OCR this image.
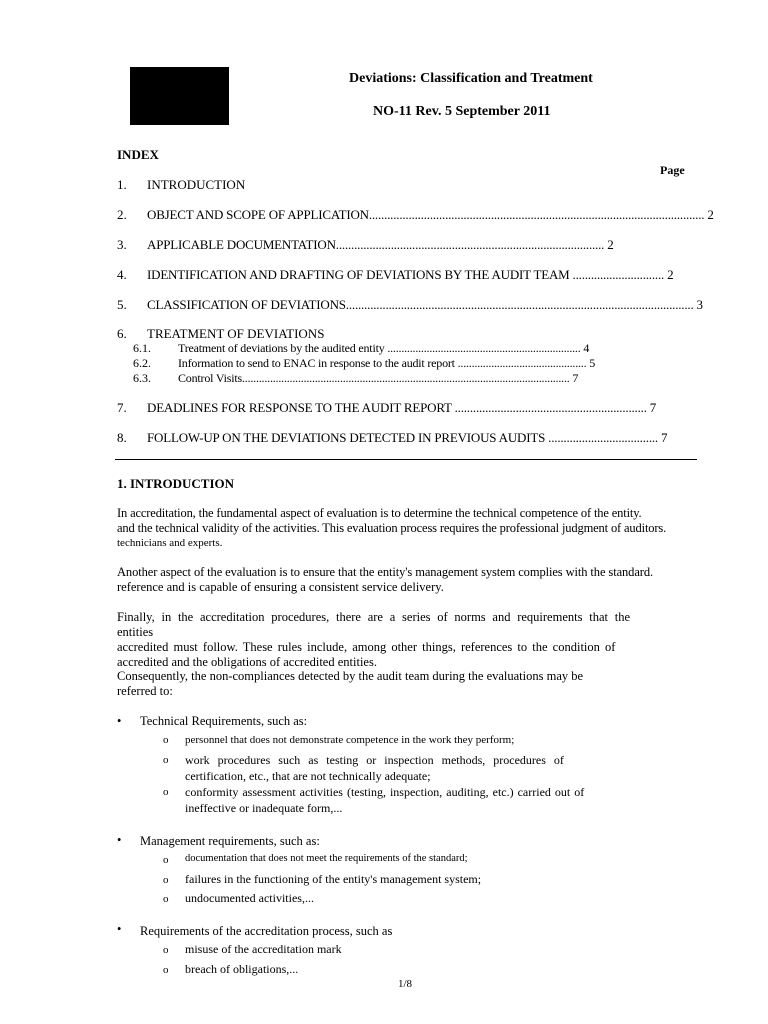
Deviations: Classification and Treatment
NO-11 Rev. 5 September 2011
INDEX
Page
1. INTRODUCTION
2. OBJECT AND SCOPE OF APPLICATION.............................................................................................................. 2
3. APPLICABLE DOCUMENTATION........................................................................................ 2
4. IDENTIFICATION AND DRAFTING OF DEVIATIONS BY THE AUDIT TEAM .............................. 2
5. CLASSIFICATION OF DEVIATIONS.................................................................................................................. 3
6. TREATMENT OF DEVIATIONS
6.1. Treatment of deviations by the audited entity ..................................................................... 4
6.2. Information to send to ENAC in response to the audit report .............................................. 5
6.3. Control Visits..................................................................................................................... 7
7. DEADLINES FOR RESPONSE TO THE AUDIT REPORT ............................................................... 7
8. FOLLOW-UP ON THE DEVIATIONS DETECTED IN PREVIOUS AUDITS .................................... 7
1. INTRODUCTION
In accreditation, the fundamental aspect of evaluation is to determine the technical competence of the entity.
and the technical validity of the activities. This evaluation process requires the professional judgment of auditors.
technicians and experts.
Another aspect of the evaluation is to ensure that the entity's management system complies with the standard.
reference and is capable of ensuring a consistent service delivery.
Finally, in the accreditation procedures, there are a series of norms and requirements that the entities
accredited must follow. These rules include, among other things, references to the condition of
accredited and the obligations of accredited entities.
Consequently, the non-compliances detected by the audit team during the evaluations may be
referred to:
• Technical Requirements, such as:
o personnel that does not demonstrate competence in the work they perform;
o work procedures such as testing or inspection methods, procedures of
certification, etc., that are not technically adequate;
o conformity assessment activities (testing, inspection, auditing, etc.) carried out of
ineffective or inadequate form,...
• Management requirements, such as:
o documentation that does not meet the requirements of the standard;
o failures in the functioning of the entity's management system;
o undocumented activities,...
• Requirements of the accreditation process, such as
o misuse of the accreditation mark
o breach of obligations,...
1/8
